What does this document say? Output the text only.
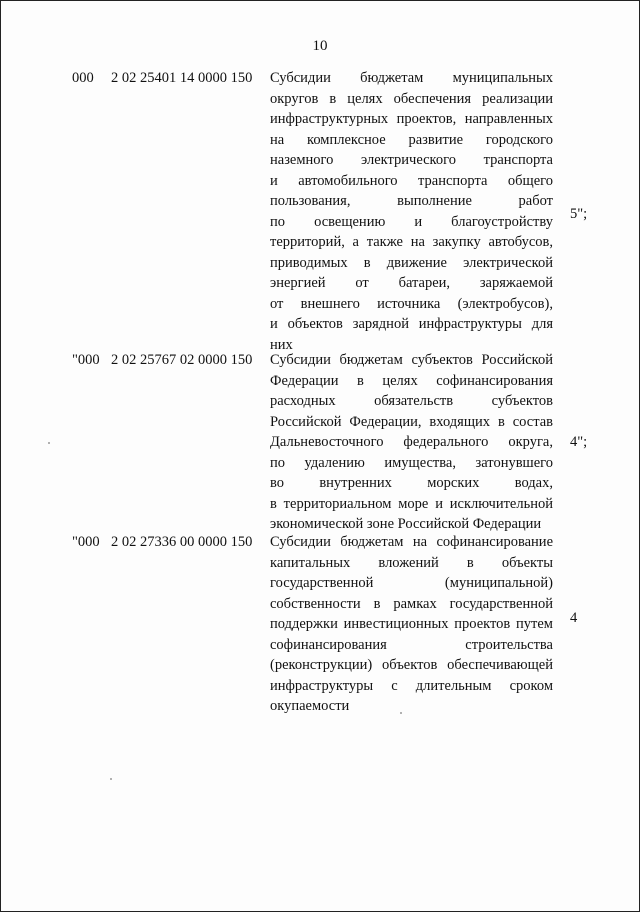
10
000 2 02 25401 14 0000 150 Субсидии бюджетам муниципальных
округов в целях обеспечения реализации
инфраструктурных проектов, направленных
на комплексное развитие городского
наземного электрического транспорта
и автомобильного транспорта общего
пользования, выполнение работ
по освещению и благоустройству
территорий, а также на закупку автобусов,
приводимых в движение электрической
энергией от батареи, заряжаемой
от внешнего источника (электробусов),
и объектов зарядной инфраструктуры для
них
5";
"000 2 02 25767 02 0000 150 Субсидии бюджетам субъектов Российской
Федерации в целях софинансирования
расходных обязательств субъектов
Российской Федерации, входящих в состав
Дальневосточного федерального округа,
по удалению имущества, затонувшего
во внутренних морских водах,
в территориальном море и исключительной
экономической зоне Российской Федерации
4";
"000 2 02 27336 00 0000 150 Субсидии бюджетам на софинансирование
капитальных вложений в объекты
государственной (муниципальной)
собственности в рамках государственной
поддержки инвестиционных проектов путем
софинансирования строительства
(реконструкции) объектов обеспечивающей
инфраструктуры с длительным сроком
окупаемости
4
